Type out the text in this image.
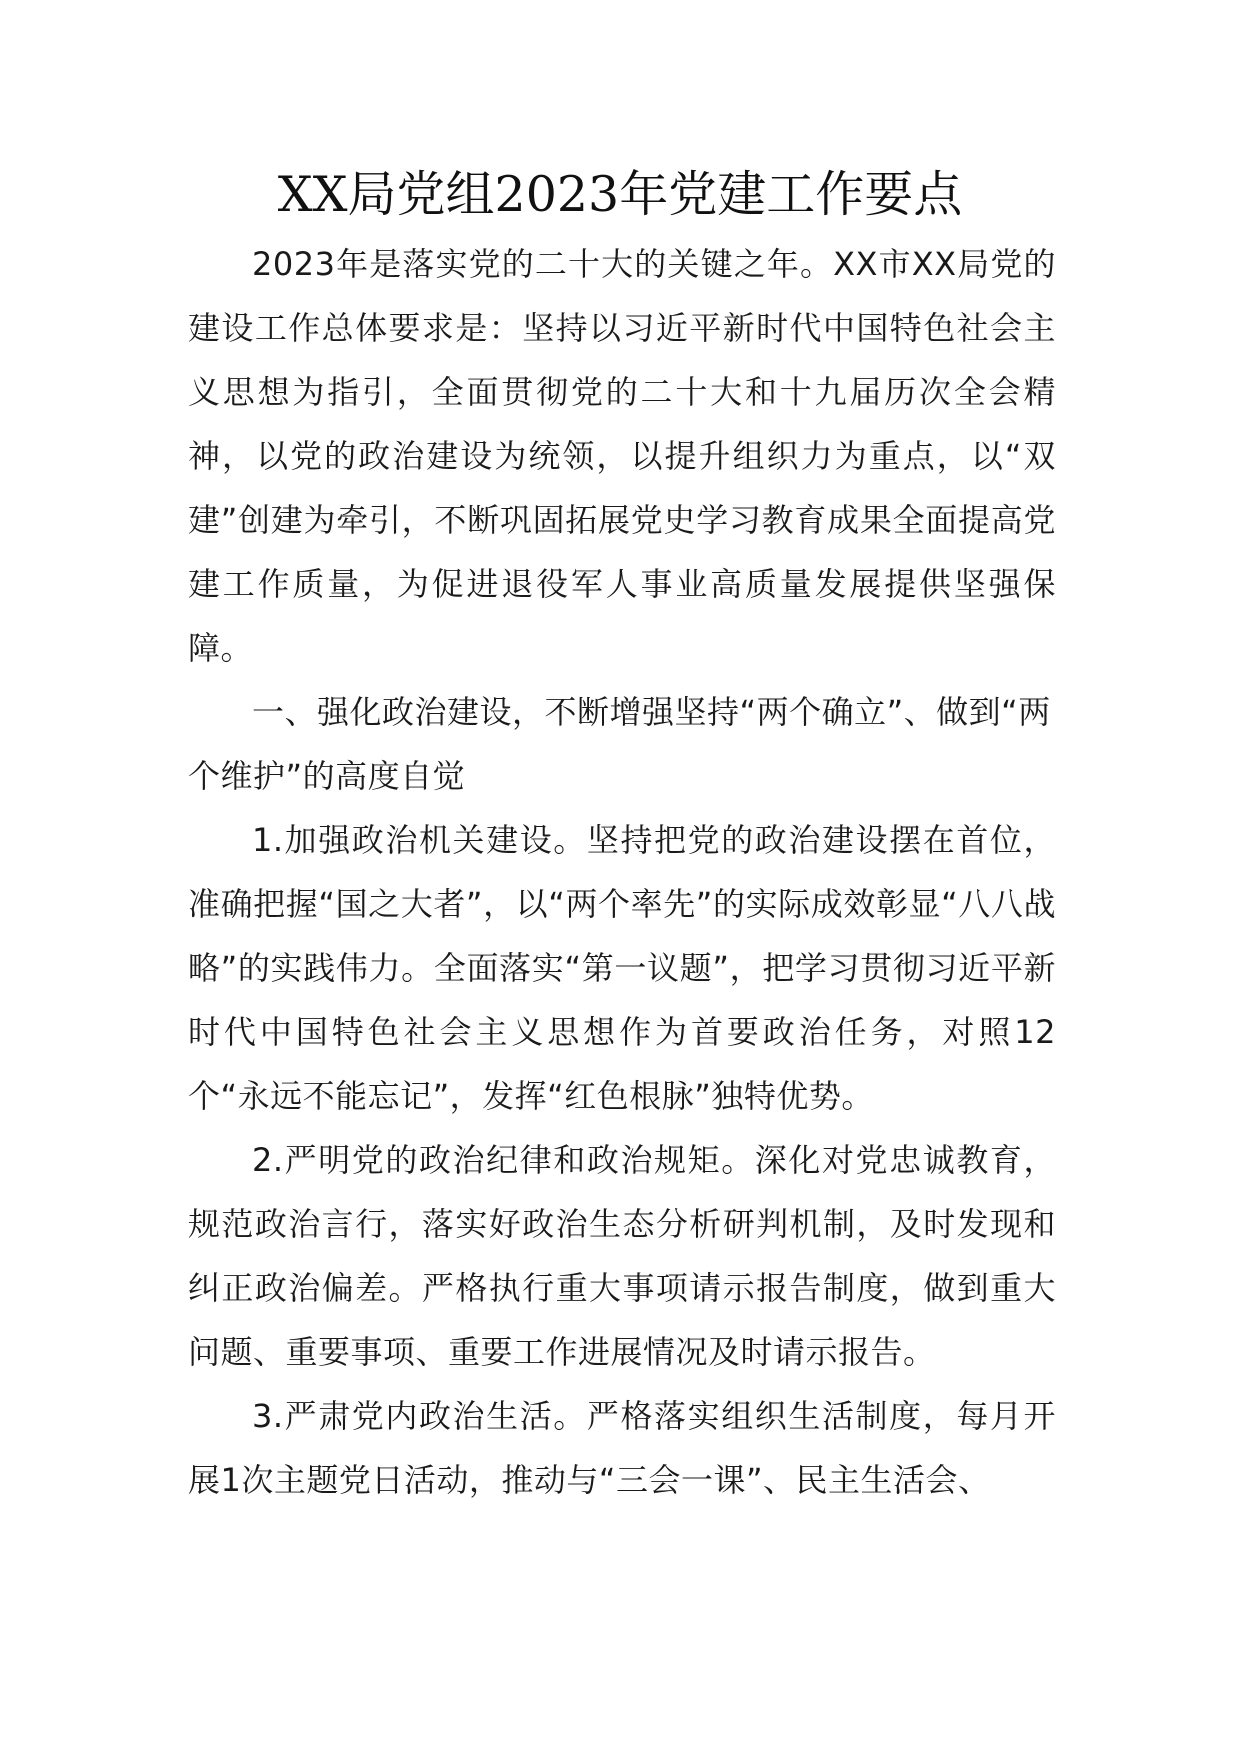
XX局党组2023年党建工作要点

2023年是落实党的二十大的关键之年。XX市XX局党的建设工作总体要求是：坚持以习近平新时代中国特色社会主义思想为指引，全面贯彻党的二十大和十九届历次全会精神，以党的政治建设为统领，以提升组织力为重点，以“双建”创建为牵引，不断巩固拓展党史学习教育成果全面提高党建工作质量，为促进退役军人事业高质量发展提供坚强保障。

一、强化政治建设，不断增强坚持“两个确立”、做到“两个维护”的高度自觉

1.加强政治机关建设。坚持把党的政治建设摆在首位，准确把握“国之大者”，以“两个率先”的实际成效彰显“八八战略”的实践伟力。全面落实“第一议题”，把学习贯彻习近平新时代中国特色社会主义思想作为首要政治任务，对照12个“永远不能忘记”，发挥“红色根脉”独特优势。

2.严明党的政治纪律和政治规矩。深化对党忠诚教育，规范政治言行，落实好政治生态分析研判机制，及时发现和纠正政治偏差。严格执行重大事项请示报告制度，做到重大问题、重要事项、重要工作进展情况及时请示报告。

3.严肃党内政治生活。严格落实组织生活制度，每月开展1次主题党日活动，推动与“三会一课”、民主生活会、
